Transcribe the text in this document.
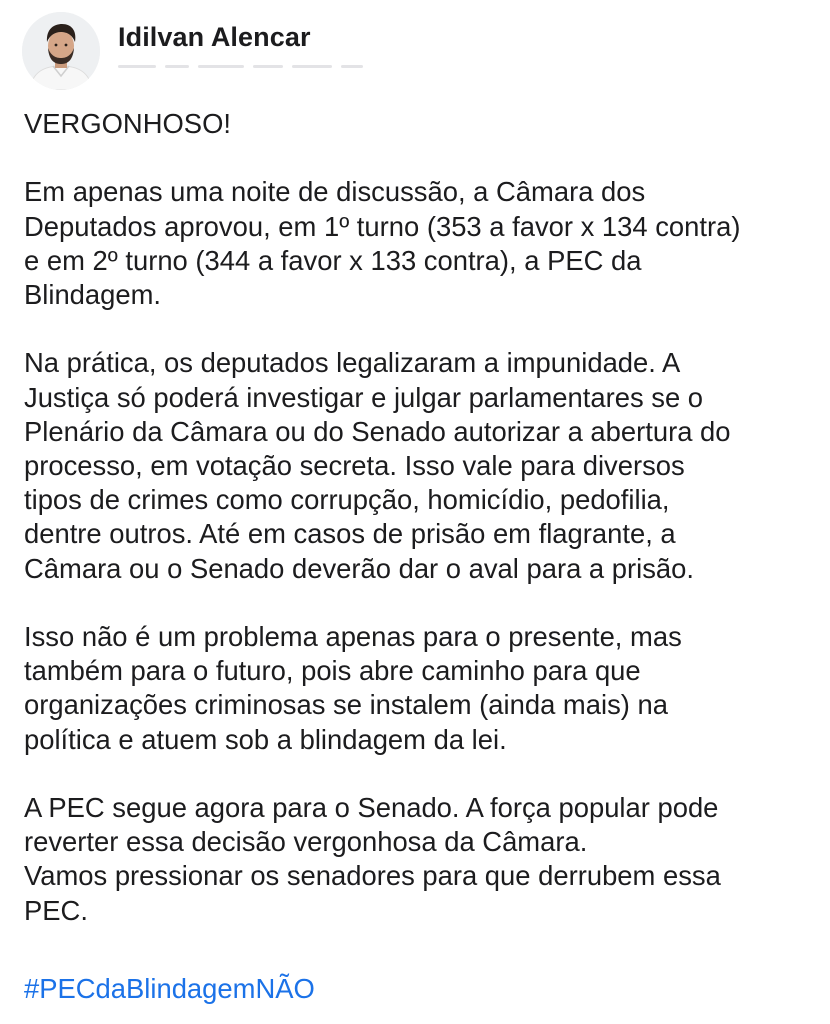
Idilvan Alencar

VERGONHOSO!

Em apenas uma noite de discussão, a Câmara dos
Deputados aprovou, em 1º turno (353 a favor x 134 contra)
e em 2º turno (344 a favor x 133 contra), a PEC da
Blindagem.

Na prática, os deputados legalizaram a impunidade. A
Justiça só poderá investigar e julgar parlamentares se o
Plenário da Câmara ou do Senado autorizar a abertura do
processo, em votação secreta. Isso vale para diversos
tipos de crimes como corrupção, homicídio, pedofilia,
dentre outros. Até em casos de prisão em flagrante, a
Câmara ou o Senado deverão dar o aval para a prisão.

Isso não é um problema apenas para o presente, mas
também para o futuro, pois abre caminho para que
organizações criminosas se instalem (ainda mais) na
política e atuem sob a blindagem da lei.

A PEC segue agora para o Senado. A força popular pode
reverter essa decisão vergonhosa da Câmara.
Vamos pressionar os senadores para que derrubem essa
PEC.

#PECdaBlindagemNÃO
